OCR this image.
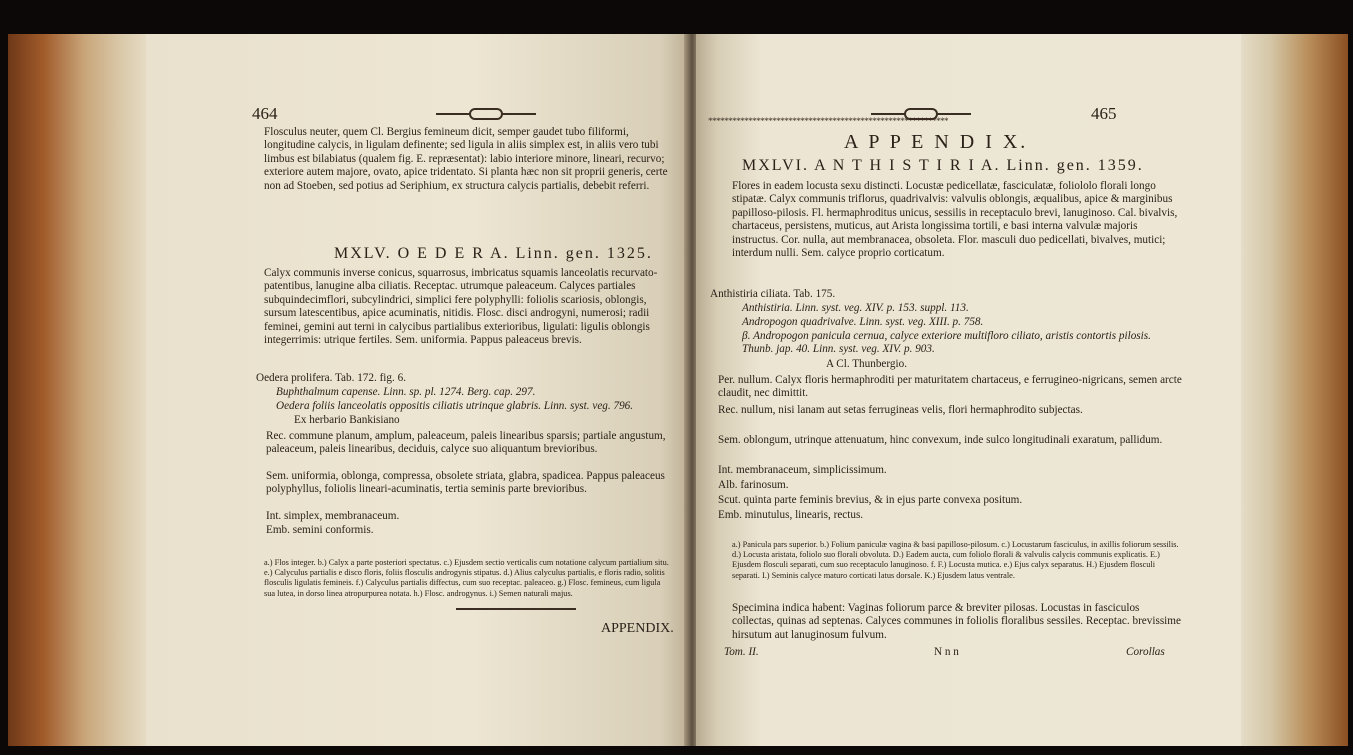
464
Flosculus neuter, quem Cl. Bergius femineum dicit, semper gaudet tubo filiformi, longitudine calycis, in ligulam definente; sed ligula in aliis simplex est, in aliis vero tubi limbus est bilabiatus (qualem fig. E. repræsentat): labio interiore minore, lineari, recurvo; exteriore autem majore, ovato, apice tridentato. Si planta hæc non sit proprii generis, certe non ad Stoeben, sed potius ad Seriphium, ex structura calycis partialis, debebit referri.
MXLV. O E D E R A. Linn. gen. 1325.
Calyx communis inverse conicus, squarrosus, imbricatus squamis lanceolatis recurvato-patentibus, lanugine alba ciliatis. Receptac. utrumque paleaceum. Calyces partiales subquindecimflori, subcylindrici, simplici fere polyphylli: foliolis scariosis, oblongis, sursum latescentibus, apice acuminatis, nitidis. Flosc. disci androgyni, numerosi; radii feminei, gemini aut terni in calycibus partialibus exterioribus, ligulati: ligulis oblongis integerrimis: utrique fertiles. Sem. uniformia. Pappus paleaceus brevis.
Oedera prolifera. Tab. 172. fig. 6.
Buphthalmum capense. Linn. sp. pl. 1274. Berg. cap. 297.
Oedera foliis lanceolatis oppositis ciliatis utrinque glabris. Linn. syst. veg. 796.
Ex herbario Bankisiano
Rec. commune planum, amplum, paleaceum, paleis linearibus sparsis; partiale angustum, paleaceum, paleis linearibus, deciduis, calyce suo aliquantum brevioribus.
Sem. uniformia, oblonga, compressa, obsolete striata, glabra, spadicea. Pappus paleaceus polyphyllus, foliolis lineari-acuminatis, tertia seminis parte brevioribus.
Int. simplex, membranaceum.
Emb. semini conformis.
a.) Flos integer. b.) Calyx a parte posteriori spectatus. c.) Ejusdem sectio verticalis cum notatione calycum partialium situ. e.) Calyculus partialis e disco floris, foliis flosculis androgynis stipatus. d.) Alius calyculus partialis, e floris radio, solitis flosculis ligulatis femineis. f.) Calyculus partialis diffectus, cum suo receptac. paleaceo. g.) Flosc. femineus, cum ligula sua lutea, in dorso linea atropurpurea notata. h.) Flosc. androgynus. i.) Semen naturali majus.
APPENDIX.
465
************************************************************
A P P E N D I X.
MXLVI. A N T H I S T I R I A. Linn. gen. 1359.
Flores in eadem locusta sexu distincti. Locustæ pedicellatæ, fasciculatæ, foliololo florali longo stipatæ. Calyx communis triflorus, quadrivalvis: valvulis oblongis, æqualibus, apice & marginibus papilloso-pilosis. Fl. hermaphroditus unicus, sessilis in receptaculo brevi, lanuginoso. Cal. bivalvis, chartaceus, persistens, muticus, aut Arista longissima tortili, e basi interna valvulæ majoris instructus. Cor. nulla, aut membranacea, obsoleta. Flor. masculi duo pedicellati, bivalves, mutici; interdum nulli. Sem. calyce proprio corticatum.
Anthistiria ciliata. Tab. 175.
Anthistiria. Linn. syst. veg. XIV. p. 153. suppl. 113.
Andropogon quadrivalve. Linn. syst. veg. XIII. p. 758.
β. Andropogon panicula cernua, calyce exteriore multifloro ciliato, aristis contortis pilosis. Thunb. jap. 40. Linn. syst. veg. XIV. p. 903.
A Cl. Thunbergio.
Per. nullum. Calyx floris hermaphroditi per maturitatem chartaceus, e ferrugineo-nigricans, semen arcte claudit, nec dimittit.
Rec. nullum, nisi lanam aut setas ferrugineas velis, flori hermaphrodito subjectas.
Sem. oblongum, utrinque attenuatum, hinc convexum, inde sulco longitudinali exaratum, pallidum.
Int. membranaceum, simplicissimum.
Alb. farinosum.
Scut. quinta parte feminis brevius, & in ejus parte convexa positum.
Emb. minutulus, linearis, rectus.
a.) Panicula pars superior. b.) Folium paniculæ vagina & basi papilloso-pilosum. c.) Locustarum fasciculus, in axillis foliorum sessilis. d.) Locusta aristata, foliolo suo florali obvoluta. D.) Eadem aucta, cum foliolo florali & valvulis calycis communis explicatis. E.) Ejusdem flosculi separati, cum suo receptaculo lanuginoso. f. F.) Locusta mutica. e.) Ejus calyx separatus. H.) Ejusdem flosculi separati. I.) Seminis calyce maturo corticati latus dorsale. K.) Ejusdem latus ventrale.
Specimina indica habent: Vaginas foliorum parce & breviter pilosas. Locustas in fasciculos collectas, quinas ad septenas. Calyces communes in foliolis floralibus sessiles. Receptac. brevissime hirsutum aut lanuginosum fulvum.
Tom. II.	N n n	Corollas
